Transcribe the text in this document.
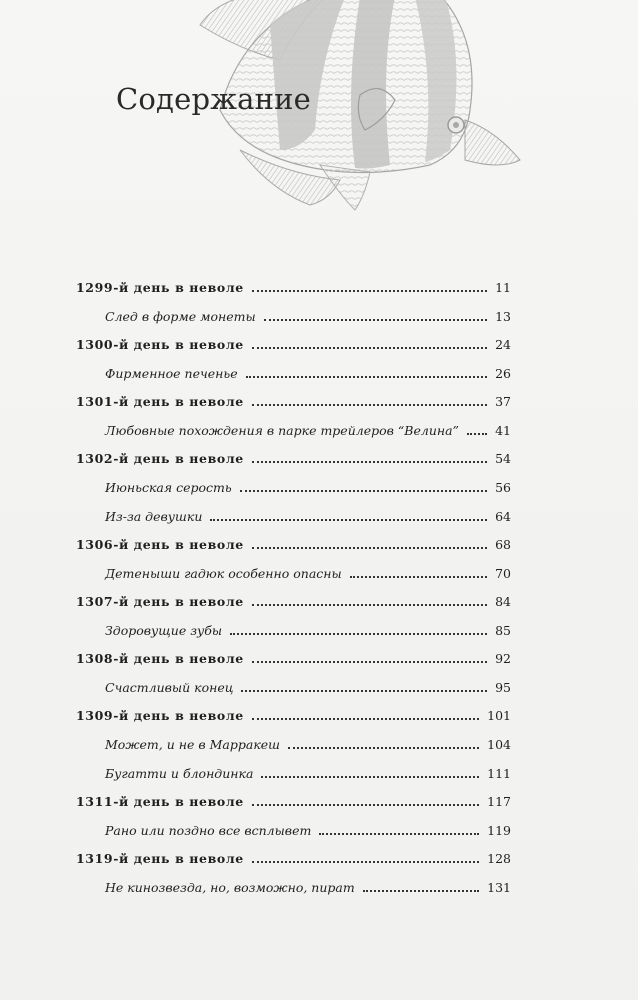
Содержание
1299-й день в неволе	11
След в форме монеты	13
1300-й день в неволе	24
Фирменное печенье	26
1301-й день в неволе	37
Любовные похождения в парке трейлеров “Велина”	41
1302-й день в неволе	54
Июньская серость	56
Из-за девушки	64
1306-й день в неволе	68
Детеныши гадюк особенно опасны	70
1307-й день в неволе	84
Здоровущие зубы	85
1308-й день в неволе	92
Счастливый конец	95
1309-й день в неволе	101
Может, и не в Марракеш	104
Бугатти и блондинка	111
1311-й день в неволе	117
Рано или поздно все всплывет	119
1319-й день в неволе	128
Не кинозвезда, но, возможно, пират	131
